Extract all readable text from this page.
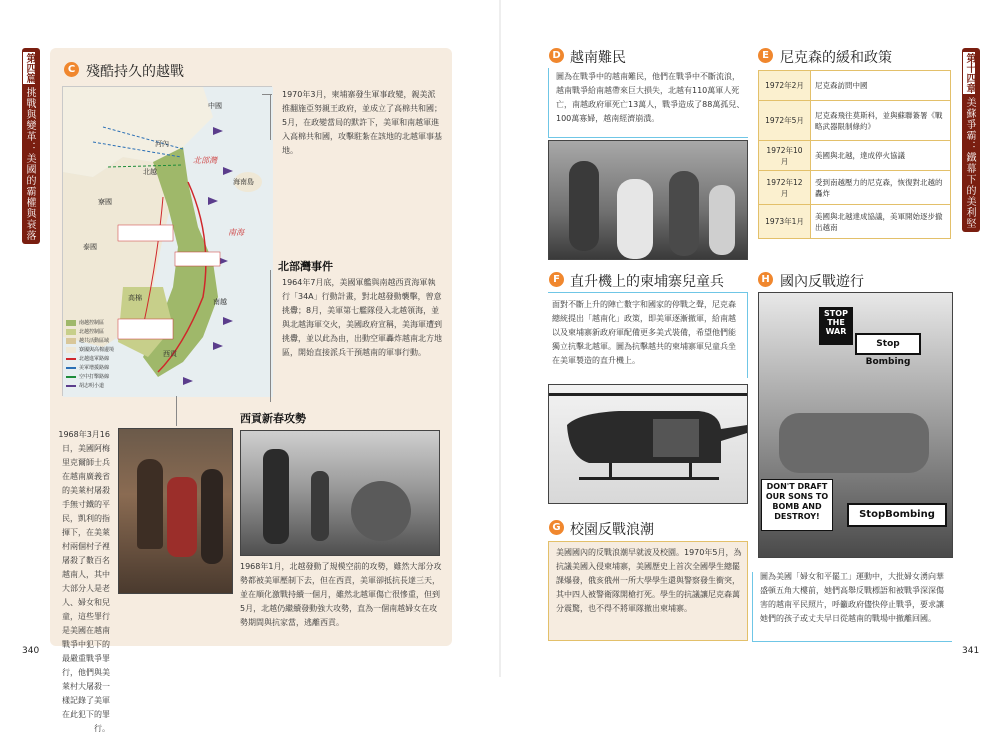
第四篇
挑戰與變革：美國的霸權與衰落
C 殘酷持久的越戰
中國
河內
北越
北部灣
海南島
寮國
泰國
高棉	南越
西貢
南海
南越控制區
北越控制區
越共活動區域
寮國與高棉邊境
北越進軍路線
美軍增援路線
空中打擊路線
胡志明小道
1970年3月，柬埔寨發生軍事政變，親美派推翻施亞努親王政府，並成立了高棉共和國；5月，在政變當局的默許下，美軍和南越軍進入高棉共和國，攻擊駐紮在該地的北越軍事基地。
北部灣事件
1964年7月底，美國軍艦與南越西貢海軍執行「34A」行動計畫，對北越發動襲擊，曾意挑釁；8月，美軍第七艦隊侵入北越領海，並與北越海軍交火，美國政府宣稱，美海軍遭到挑釁，並以此為由，出動空軍轟炸越南北方地區，開始直接派兵干預越南的軍事行動。
西貢新春攻勢
1968年3月16日，美國阿梅里克爾師士兵在越南廣義省的美萊村屠殺手無寸鐵的平民，凱利的指揮下，在美萊村兩個村子裡屠殺了數百名越南人，其中大部分人是老人、婦女和兒童，這些罪行是美國在越南戰爭中犯下的最嚴重戰爭罪行，他們與美萊村大屠殺一樣記錄了美軍在此犯下的罪行。
1968年1月，北越發動了規模空前的攻勢，雖然大部分攻勢都被美軍壓制下去，但在西貢，美軍卻抵抗長達三天，並在順化激戰持續一個月，雖然北越軍傷亡很慘重，但到5月，北越仍繼續發動強大攻勢，直為一個南越婦女在攻勢期間與抗家當，逃離西貢。
340
第十四章
美蘇爭霸：鐵幕下的美利堅
D 越南難民
圖為在戰爭中的越南難民，他們在戰爭中不斷流浪，越南戰爭給南越帶來巨大損失，北越有110萬軍人死亡，南越政府軍死亡13萬人，戰爭造成了88萬孤兒、100萬寡婦，越南經濟崩潰。
E 尼克森的緩和政策
1972年2月	尼克森訪問中國
1972年5月	尼克森飛往莫斯科，並與蘇聯簽署《戰略武器限制條約》
1972年10月	美國與北越，達成停火協議
1972年12月	受到南越壓力的尼克森，恢復對北越的轟炸
1973年1月	美國與北越達成協議，美軍開始逐步撤出越南
F 直升機上的柬埔寨兒童兵
面對不斷上升的陣亡數字和國家的停戰之聲，尼克森總統提出「越南化」政策，即美軍逐漸撤軍，給南越以及柬埔寨新政府軍配備更多美式裝備，希望他們能獨立抗擊北越軍。圖為抗擊越共的柬埔寨軍兒童兵坐在美軍製造的直升機上。
G 校園反戰浪潮
美國國內的反戰浪潮早就波及校園。1970年5月，為抗議美國入侵柬埔寨，美國歷史上首次全國學生總罷課爆發，俄亥俄州一所大學學生還與警察發生衝突，其中四人被警衛隊開槍打死。學生的抗議讓尼克森萬分震驚，也不得不將軍隊撤出柬埔寨。
H 國內反戰遊行
STOP THE WAR
Stop Bombing
DON'T DRAFT OUR SONS TO BOMB AND DESTROY!	StopBombing
圖為美國「婦女和平罷工」運動中，大批婦女湧向華盛頓五角大樓前，她們高舉反戰標語和被戰爭深深傷害的越南平民照片，呼籲政府儘快停止戰爭，要求讓她們的孩子或丈夫早日從越南的戰場中撤離回國。
341
